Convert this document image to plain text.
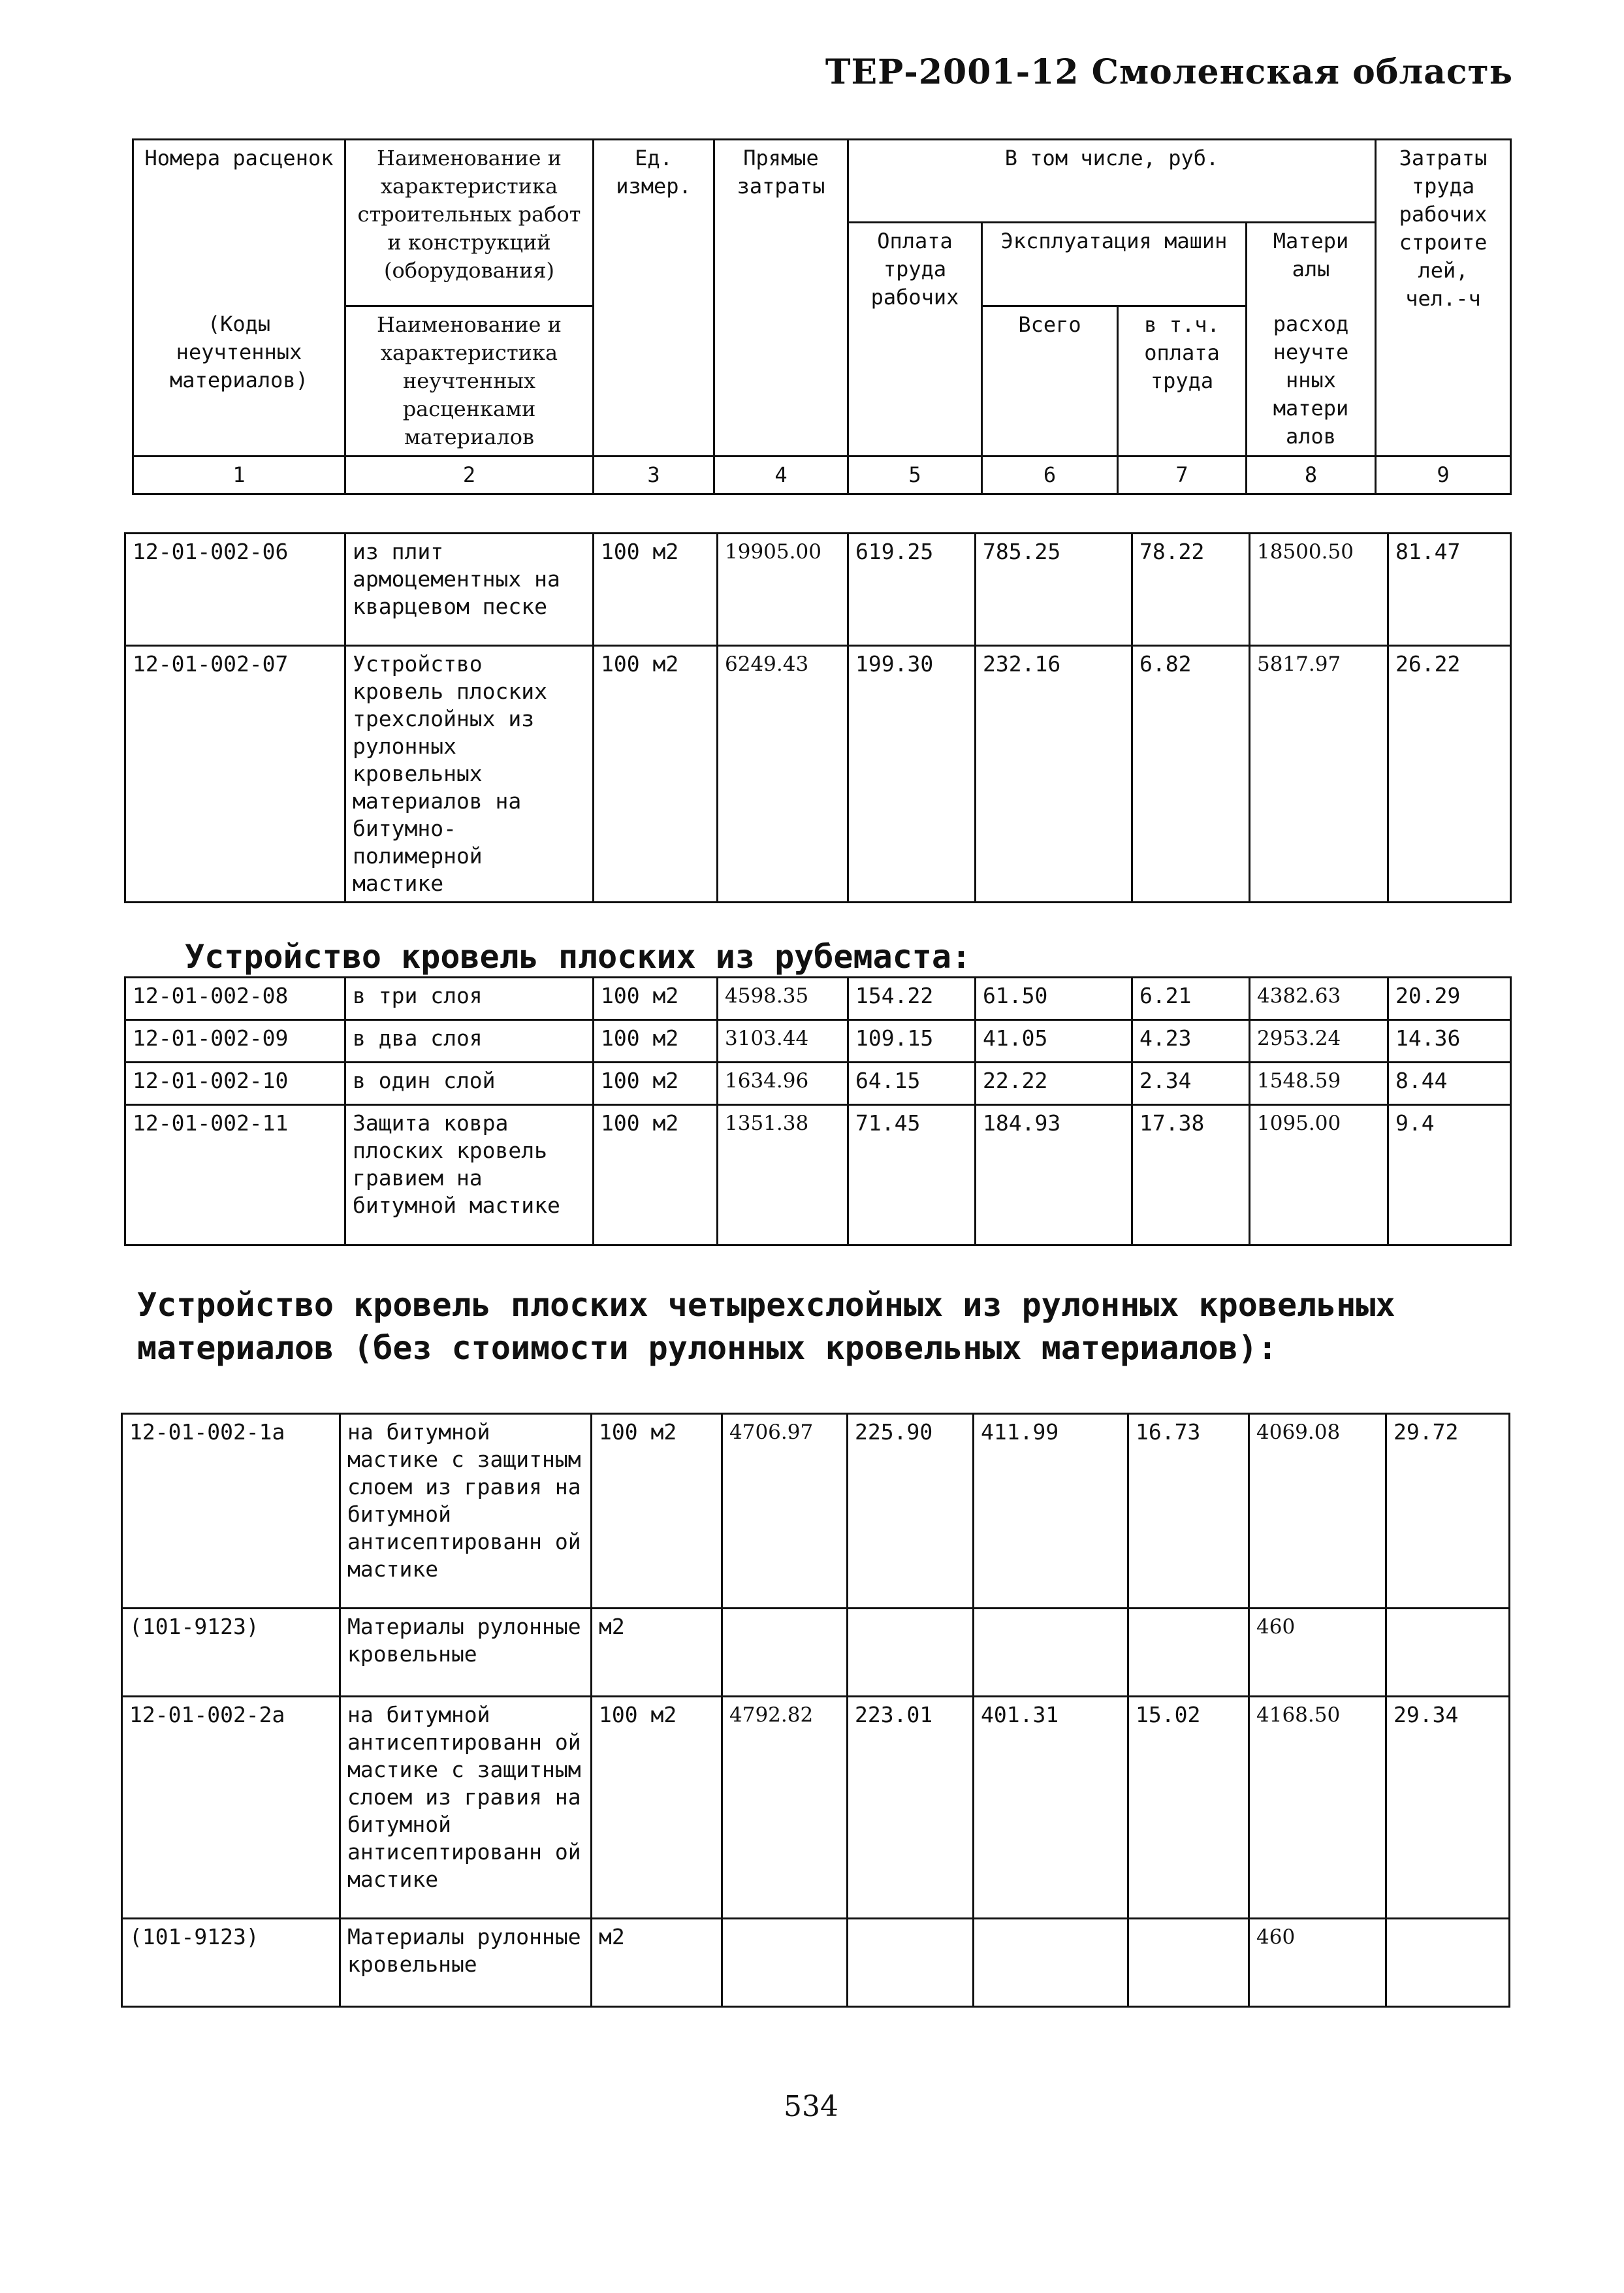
ТЕР-2001-12 Смоленская область
Номера расценок	Наименование и характеристика строительных работ и конструкций (оборудования)	Ед. измер.	Прямые затраты	В том числе, руб.				Затраты труда рабочих строите лей, чел.-ч
				Оплата труда рабочих	Эксплуатация машин		Матери алы	
(Коды неучтенных материалов)	Наименование и характеристика неучтенных расценками материалов				Всего	в т.ч. оплата труда	расход неучте нных матери алов	
1	2	3	4	5	6	7	8	9
12-01-002-06	из плит армоцементных на кварцевом песке	100 м2	19905.00	619.25	785.25	78.22	18500.50	81.47
12-01-002-07	Устройство кровель плоских трехслойных из рулонных кровельных материалов на битумно-полимерной мастике	100 м2	6249.43	199.30	232.16	6.82	5817.97	26.22
Устройство кровель плоских из рубемаста:
12-01-002-08	в три слоя	100 м2	4598.35	154.22	61.50	6.21	4382.63	20.29
12-01-002-09	в два слоя	100 м2	3103.44	109.15	41.05	4.23	2953.24	14.36
12-01-002-10	в один слой	100 м2	1634.96	64.15	22.22	2.34	1548.59	8.44
12-01-002-11	Защита ковра плоских кровель гравием на битумной мастике	100 м2	1351.38	71.45	184.93	17.38	1095.00	9.4
Устройство кровель плоских четырехслойных из рулонных кровельных материалов (без стоимости рулонных кровельных материалов):
12-01-002-1а	на битумной мастике с защитным слоем из гравия на битумной антисептированн ой мастике	100 м2	4706.97	225.90	411.99	16.73	4069.08	29.72
(101-9123)	Материалы рулонные кровельные	м2					460	
12-01-002-2а	на битумной антисептированн ой мастике с защитным слоем из гравия на битумной антисептированн ой мастике	100 м2	4792.82	223.01	401.31	15.02	4168.50	29.34
(101-9123)	Материалы рулонные кровельные	м2					460	
534
